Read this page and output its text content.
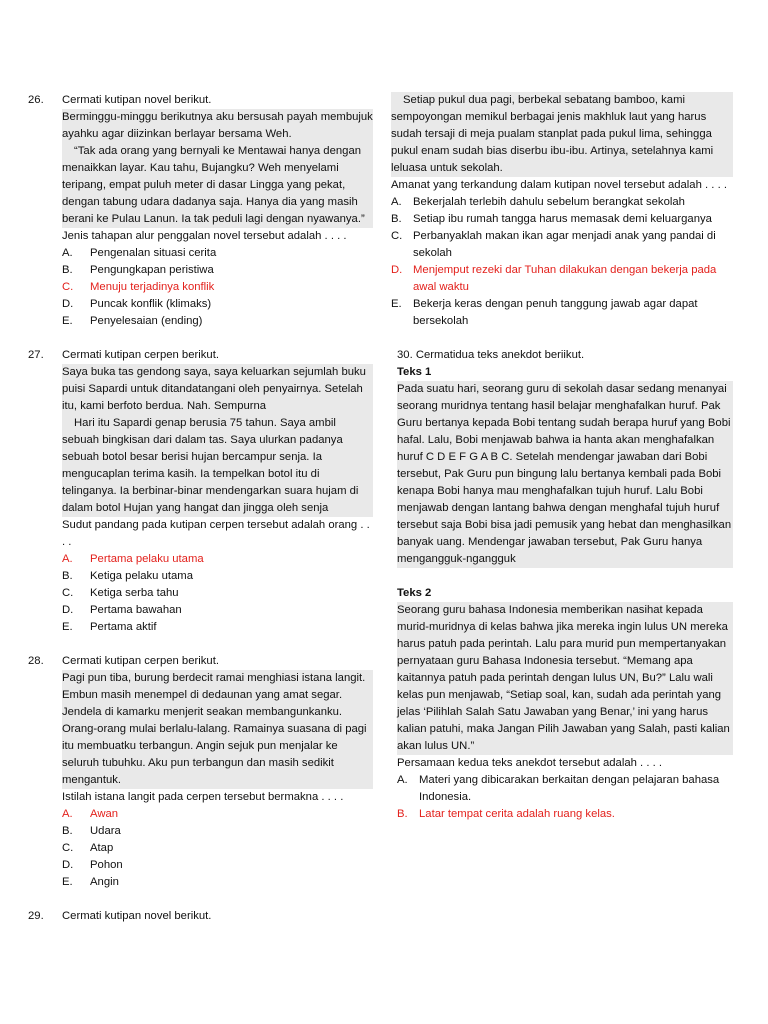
26.	Cermati kutipan novel berikut.

Berminggu-minggu berikutnya aku bersusah payah membujuk ayahku agar diizinkan berlayar bersama Weh.

“Tak ada orang yang bernyali ke Mentawai hanya dengan menaikkan layar. Kau tahu, Bujangku? Weh menyelami teripang, empat puluh meter di dasar Lingga yang pekat, dengan tabung udara dadanya saja. Hanya dia yang masih berani ke Pulau Lanun. Ia tak peduli lagi dengan nyawanya.”

Jenis tahapan alur penggalan novel tersebut adalah . . . .

A.	Pengenalan situasi cerita
B.	Pengungkapan peristiwa
C.	Menuju terjadinya konflik
D.	Puncak konflik (klimaks)
E.	Penyelesaian (ending)
27.	Cermati kutipan cerpen berikut.

Saya buka tas gendong saya, saya keluarkan sejumlah buku puisi Sapardi untuk ditandatangani oleh penyairnya. Setelah itu, kami berfoto berdua. Nah. Sempurna

Hari itu Sapardi genap berusia 75 tahun. Saya ambil sebuah bingkisan dari dalam tas. Saya ulurkan padanya sebuah botol besar berisi hujan bercampur senja. Ia mengucaplan terima kasih. Ia tempelkan botol itu di telinganya. Ia berbinar-binar mendengarkan suara hujam di dalam botol Hujan yang hangat dan jingga oleh senja

Sudut pandang pada kutipan cerpen tersebut adalah orang . . . .

A.	Pertama pelaku utama
B.	Ketiga pelaku utama
C.	Ketiga serba tahu
D.	Pertama bawahan
E.	Pertama aktif
28.	Cermati kutipan cerpen berikut.

Pagi pun tiba, burung berdecit ramai menghiasi istana langit. Embun masih menempel di dedaunan yang amat segar. Jendela di kamarku menjerit seakan membangunkanku. Orang-orang mulai berlalu-lalang. Ramainya suasana di pagi itu membuatku terbangun. Angin sejuk pun menjalar ke seluruh tubuhku. Aku pun terbangun dan masih sedikit mengantuk.

Istilah istana langit pada cerpen tersebut bermakna . . . .

A.	Awan
B.	Udara
C.	Atap
D.	Pohon
E.	Angin
29.	Cermati kutipan novel berikut.

Setiap pukul dua pagi, berbekal sebatang bamboo, kami sempoyongan memikul berbagai jenis makhluk laut yang harus sudah tersaji di meja pualam stanplat pada pukul lima, sehingga pukul enam sudah bias diserbu ibu-ibu. Artinya, setelahnya kami leluasa untuk sekolah.

Amanat yang terkandung dalam kutipan novel tersebut adalah . . . .

A.	Bekerjalah terlebih dahulu sebelum berangkat sekolah
B.	Setiap ibu rumah tangga harus memasak demi keluarganya
C. Perbanyaklah makan ikan agar menjadi anak yang pandai di sekolah
D. Menjemput rezeki dar Tuhan dilakukan dengan bekerja pada awal waktu
E.	Bekerja keras dengan penuh tanggung jawab agar dapat bersekolah

30. Cermatidua teks anekdot beriikut.

Teks 1

Pada suatu hari, seorang guru di sekolah dasar sedang menanyai seorang muridnya tentang hasil belajar menghafalkan huruf. Pak Guru bertanya kepada Bobi tentang sudah berapa huruf yang Bobi hafal. Lalu, Bobi menjawab bahwa ia hanta akan menghafalkan huruf C D E F G A B C. Setelah mendengar jawaban dari Bobi tersebut, Pak Guru pun bingung lalu bertanya kembali pada Bobi kenapa Bobi hanya mau menghafalkan tujuh huruf. Lalu Bobi menjawab dengan lantang bahwa dengan menghafal tujuh huruf tersebut saja Bobi bisa jadi pemusik yang hebat dan menghasilkan banyak uang. Mendengar jawaban tersebut, Pak Guru hanya mengangguk-ngangguk

Teks 2

Seorang guru bahasa Indonesia memberikan nasihat kepada murid-muridnya di kelas bahwa jika mereka ingin lulus UN mereka harus patuh pada perintah. Lalu para murid pun mempertanyakan pernyataan guru Bahasa Indonesia tersebut. “Memang apa kaitannya patuh pada perintah dengan lulus UN, Bu?” Lalu wali kelas pun menjawab, “Setiap soal, kan, sudah ada perintah yang jelas ‘Pilihlah Salah Satu Jawaban yang Benar,’ ini yang harus kalian patuhi, maka Jangan Pilih Jawaban yang Salah, pasti kalian akan lulus UN.”

Persamaan kedua teks anekdot tersebut adalah . . . .

A.	Materi yang dibicarakan berkaitan dengan pelajaran bahasa Indonesia.
B.	Latar tempat cerita adalah ruang kelas.
